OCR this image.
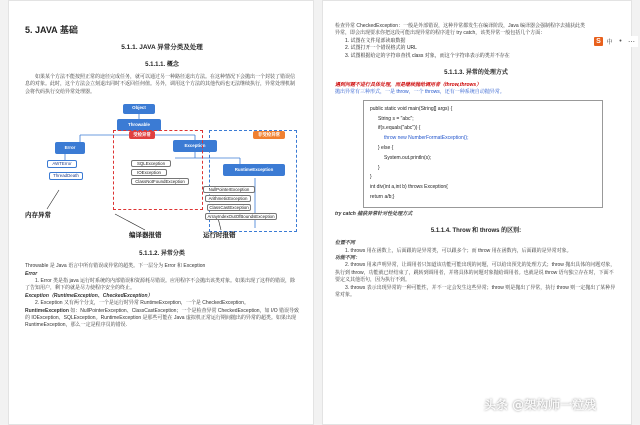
5. JAVA 基础
5.1.1. JAVA 异常分类及处理
5.1.1.1. 概念

如果某个方法不能按照正常的途径完成任务，就可以通过另一种路径退出方法。在这种情况下会抛出一个封装了错误信息的对象。此时，这个方法会立刻退出同时不返回任何值。另外，调用这个方法的其他代码也无法继续执行，异常处理机制会将代码执行交给异常处理器。

Object
Throwable
Error	Exception
AWTError
ThreadDeath
受检异常
SQLException
IOException
ClassNotFoundException
非受检异常
RuntimeException
NullPointerException
ArithmeticException
ClassCastException
ArrayIndexOutOfBoundsException
内存异常
编译器报错	运行时报错
5.1.1.2. 异常分类

Throwable 是 Java 语言中所有错误或异常的超类。下一层分为 Error 和 Exception

Error

1. Error 类是指 java 运行时系统的内部错误和资源耗尽错误。应用程序不会抛出该类对象。如果出现了这样的错误，除了告知用户，剩下的就是尽力使程序安全的终止。

Exception（RuntimeException、CheckedException）

2. Exception 又有两个分支，一个是运行时异常 RuntimeException，一个是 CheckedException。

RuntimeException 如：NullPointerException、ClassCastException；一个是检查异常 CheckedException，如 I/O 错误导致的 IOException、SQLException。RuntimeException 是那些可能在 Java 虚拟机正常运行期间抛出的异常的超类。如果出现 RuntimeException，那么一定是程序员的错误.

检查异常 CheckedException：一般是外部错误，这种异常都发生在编译阶段，Java 编译器会强制程序去捕获此类异常，即会出现要求你把这段可能出现异常的程序进行 try catch，该类异常一般包括几个方面：

1. 试图在文件尾部读取数据
2. 试图打开一个错误格式的 URL
3. 试图根据给定的字符串查找 class 对象，而这个字符串表示的类并不存在
5.1.1.3. 异常的处理方式

遇到问题不进行具体处理，而是继续抛给调用者（throw,throws）

抛出异常有三种形式，一是 throw，一个 throws，还有一种系统自动抛异常。

public static void main(String[] args) {
String s = "abc";
if(s.equals("abc")) {
throw new NumberFormatException();
} else {
System.out.println(s);
}
}
int div(int a,int b) throws Exception{
return a/b;}

try catch 捕获异常针对性处理方式

5.1.1.4. Throw 和 throws 的区别:

位置不同

1. throws 用在函数上，后面跟的是异常类，可以跟多个；而 throw 用在函数内，后面跟的是异常对象。

功能不同：

2. throws 用来声明异常，让调用者只知道该功能可能出现的问题，可以给出预先的处理方式；throw 抛出具体的问题对象，执行到 throw，功能就已经结束了，跳转到调用者，并将具体的问题对象抛给调用者。也就是说 throw 语句独立存在时，下面不要定义其他语句，因为执行不到。

3. throws 表示出现异常的一种可能性，并不一定会发生这些异常；throw 则是抛出了异常，执行 throw 则一定抛出了某种异常对象。

S 中 • ⋯
头条 @架构师一粒残
